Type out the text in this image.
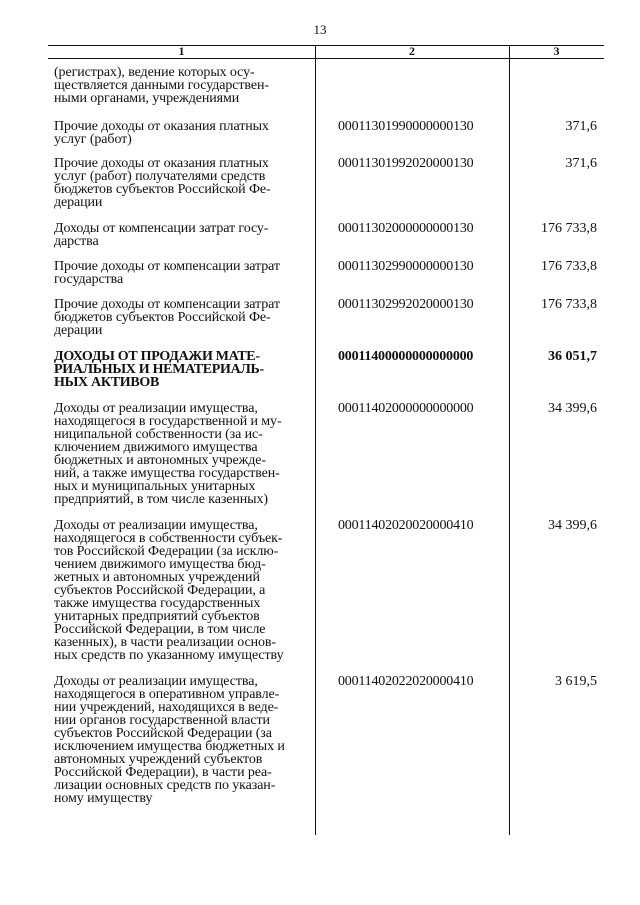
13
1	2	3
(регистрах), ведение которых осу-
ществляется данными государствен-
ными органами, учреждениями
Прочие доходы от оказания платных
услуг (работ)
00011301990000000130	371,6
Прочие доходы от оказания платных
услуг (работ) получателями средств
бюджетов субъектов Российской Фе-
дерации
00011301992020000130	371,6
Доходы от компенсации затрат госу-
дарства
00011302000000000130	176 733,8
Прочие доходы от компенсации затрат
государства
00011302990000000130	176 733,8
Прочие доходы от компенсации затрат
бюджетов субъектов Российской Фе-
дерации
00011302992020000130	176 733,8
ДОХОДЫ ОТ ПРОДАЖИ МАТЕ-
РИАЛЬНЫХ И НЕМАТЕРИАЛЬ-
НЫХ АКТИВОВ
00011400000000000000	36 051,7
Доходы от реализации имущества,
находящегося в государственной и му-
ниципальной собственности (за ис-
ключением движимого имущества
бюджетных и автономных учрежде-
ний, а также имущества государствен-
ных и муниципальных унитарных
предприятий, в том числе казенных)
00011402000000000000	34 399,6
Доходы от реализации имущества,
находящегося в собственности субъек-
тов Российской Федерации (за исклю-
чением движимого имущества бюд-
жетных и автономных учреждений
субъектов Российской Федерации, а
также имущества государственных
унитарных предприятий субъектов
Российской Федерации, в том числе
казенных), в части реализации основ-
ных средств по указанному имуществу
00011402020020000410	34 399,6
Доходы от реализации имущества,
находящегося в оперативном управле-
нии учреждений, находящихся в веде-
нии органов государственной власти
субъектов Российской Федерации (за
исключением имущества бюджетных и
автономных учреждений субъектов
Российской Федерации), в части реа-
лизации основных средств по указан-
ному имуществу
00011402022020000410	3 619,5
